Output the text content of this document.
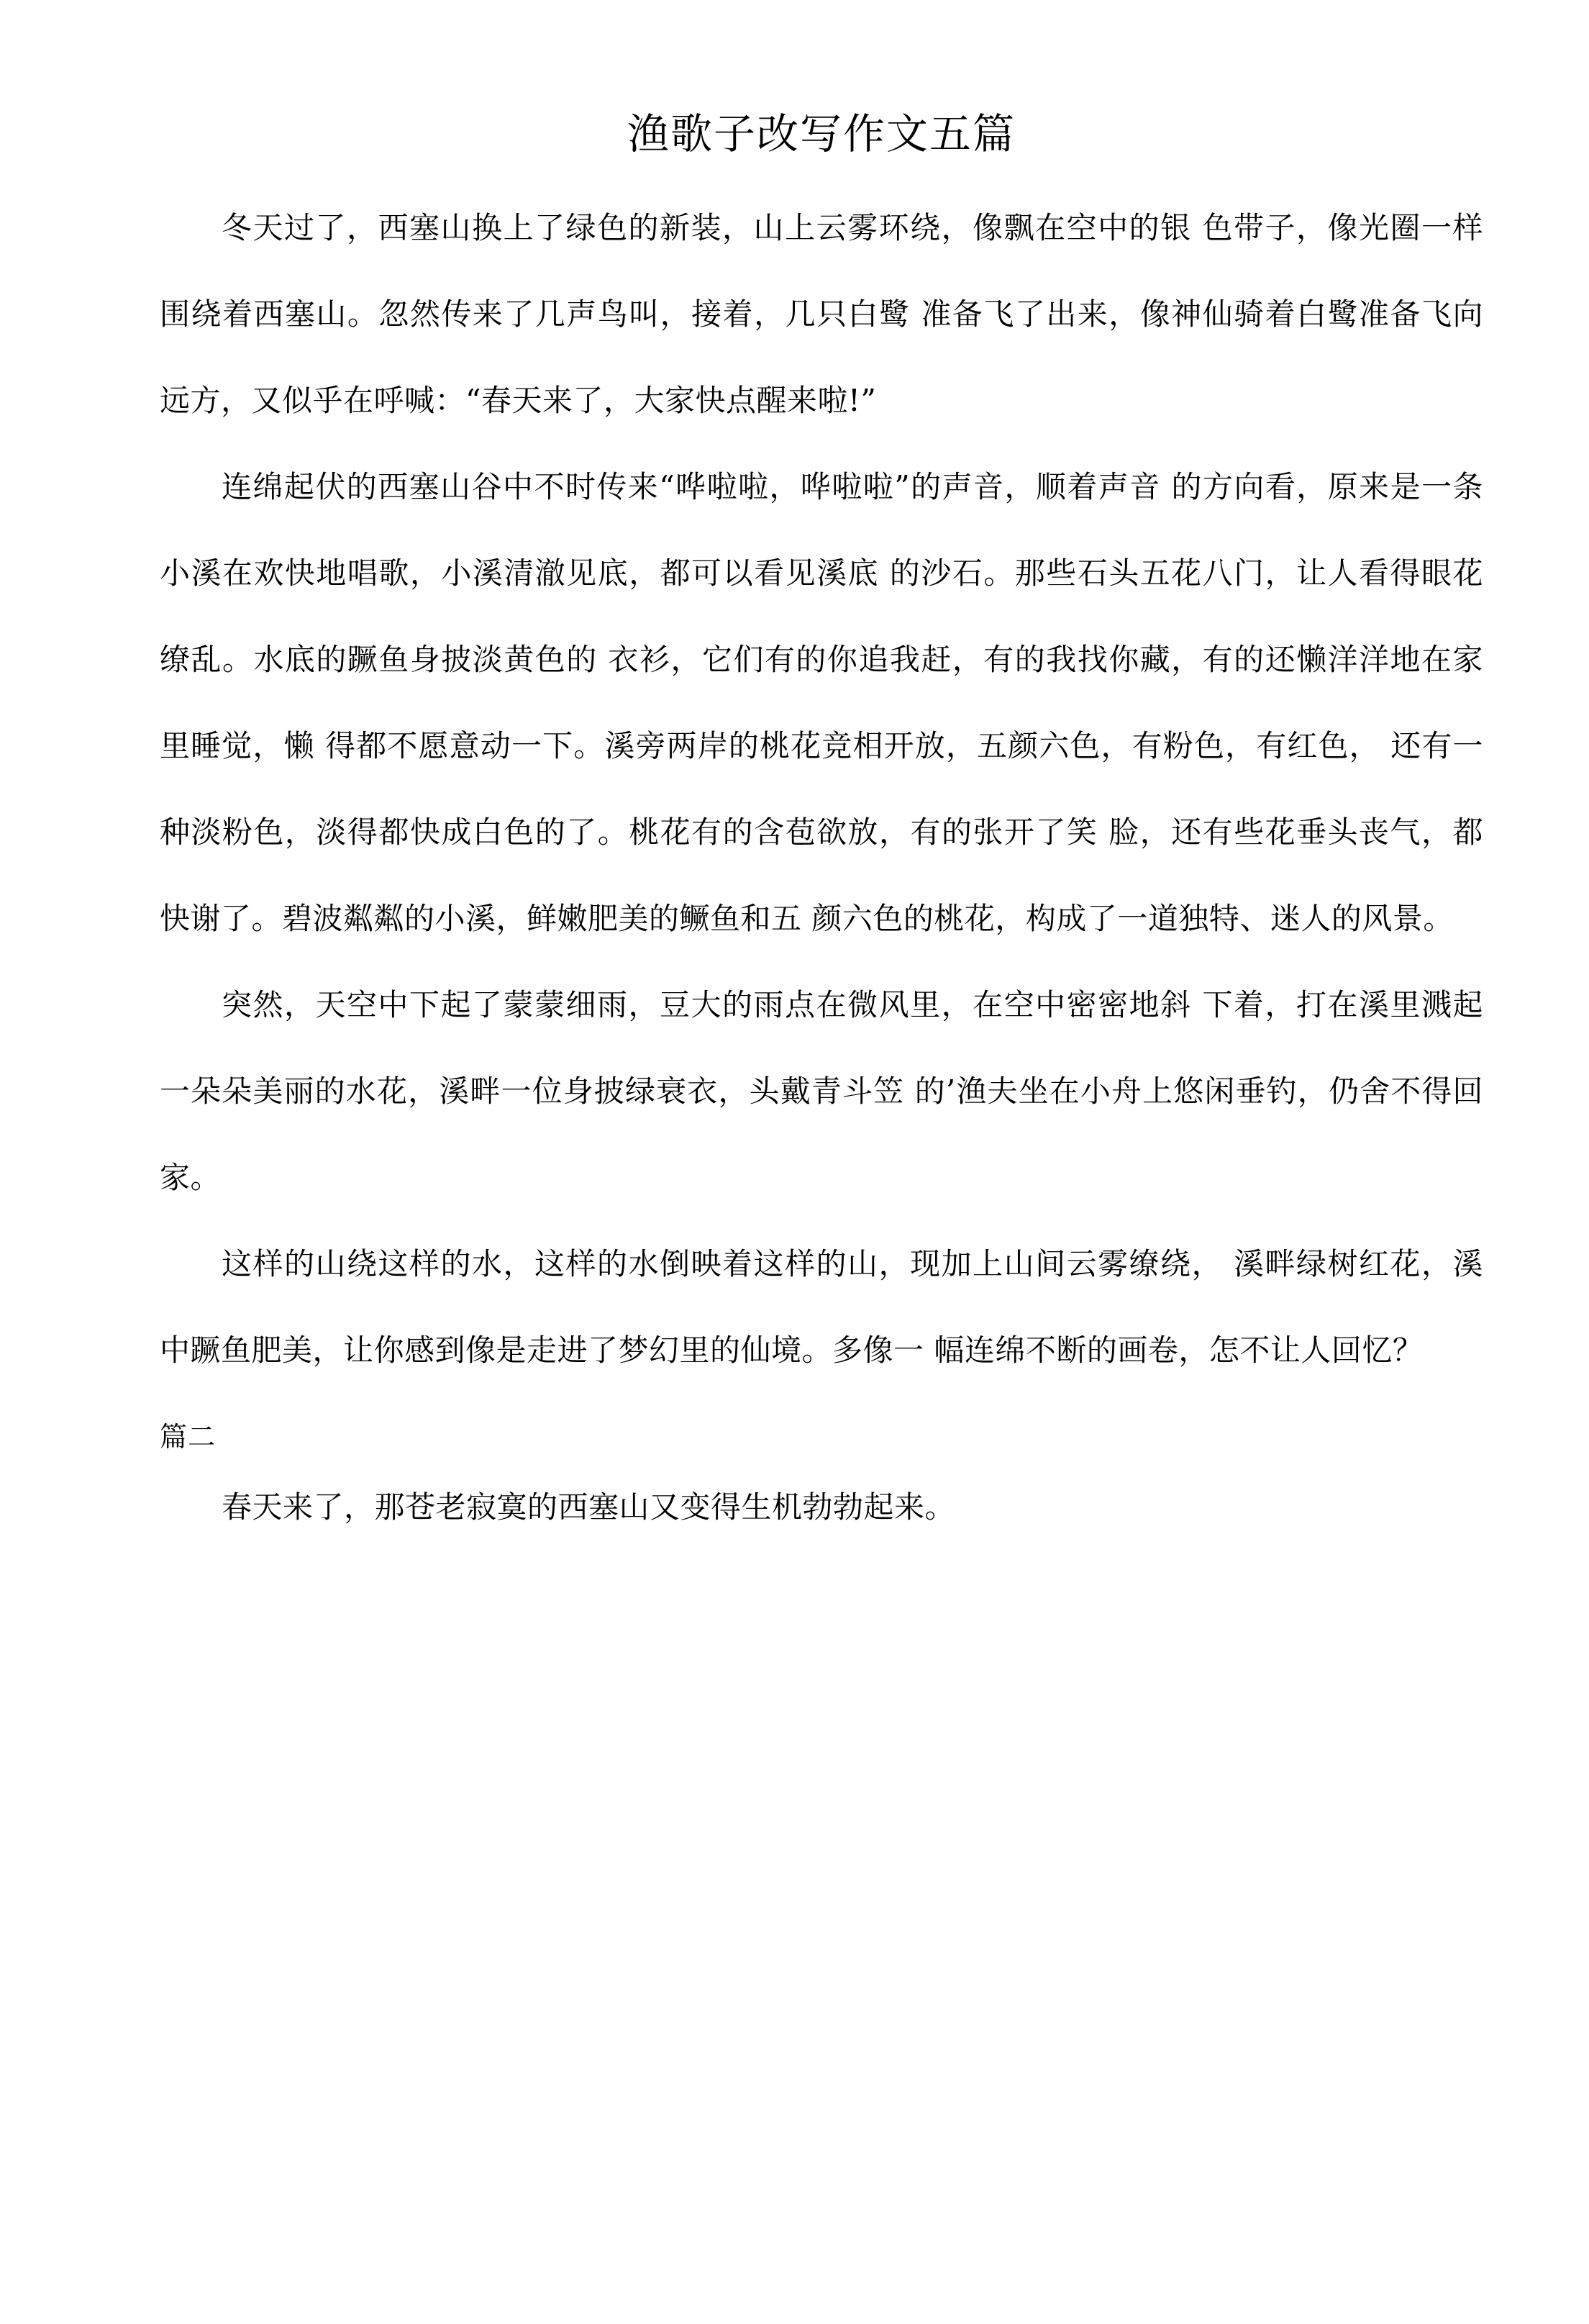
渔歌子改写作文五篇

冬天过了，西塞山换上了绿色的新装，山上云雾环绕，像飘在空中的银 色带子，像光圈一样围绕着西塞山。忽然传来了几声鸟叫，接着，几只白鹭 准备飞了出来，像神仙骑着白鹭准备飞向远方，又似乎在呼喊：“春天来了，大家快点醒来啦!”

连绵起伏的西塞山谷中不时传来“哗啦啦，哗啦啦”的声音，顺着声音 的方向看，原来是一条小溪在欢快地唱歌，小溪清澈见底，都可以看见溪底 的沙石。那些石头五花八门，让人看得眼花缭乱。水底的蹶鱼身披淡黄色的 衣衫，它们有的你追我赶，有的我找你藏，有的还懒洋洋地在家里睡觉，懒 得都不愿意动一下。溪旁两岸的桃花竞相开放，五颜六色，有粉色，有红色， 还有一种淡粉色，淡得都快成白色的了。桃花有的含苞欲放，有的张开了笑 脸，还有些花垂头丧气，都快谢了。碧波粼粼的小溪，鲜嫩肥美的鳜鱼和五 颜六色的桃花，构成了一道独特、迷人的风景。

突然，天空中下起了蒙蒙细雨，豆大的雨点在微风里，在空中密密地斜 下着，打在溪里溅起一朵朵美丽的水花，溪畔一位身披绿衰衣，头戴青斗笠 的’渔夫坐在小舟上悠闲垂钓，仍舍不得回家。

这样的山绕这样的水，这样的水倒映着这样的山，现加上山间云雾缭绕， 溪畔绿树红花，溪中蹶鱼肥美，让你感到像是走进了梦幻里的仙境。多像一 幅连绵不断的画卷，怎不让人回忆？

篇二

春天来了，那苍老寂寞的西塞山又变得生机勃勃起来。
